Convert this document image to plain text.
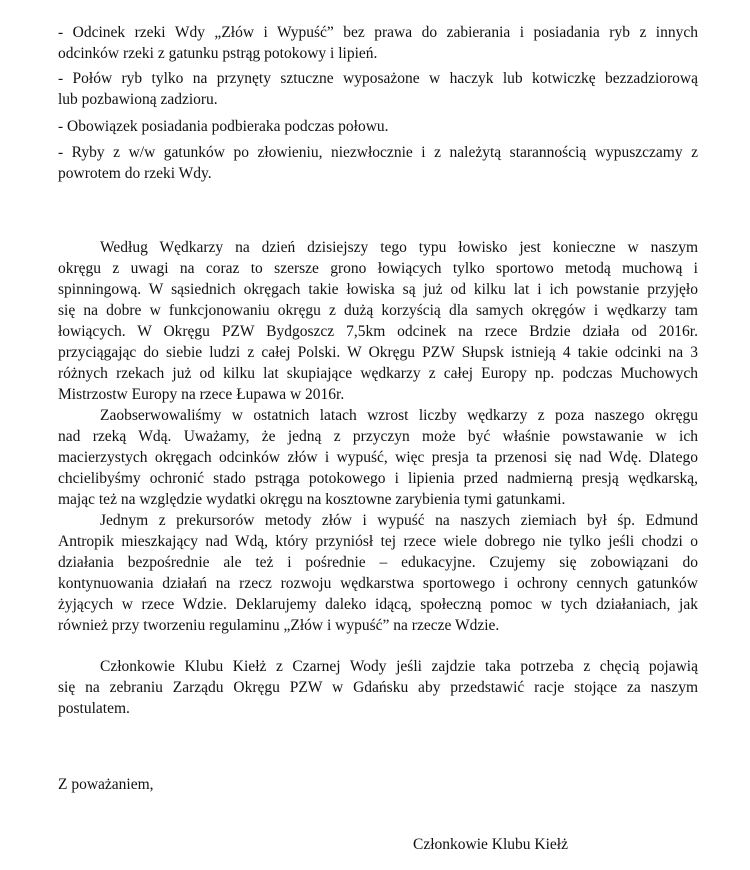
- Odcinek rzeki Wdy „Złów i Wypuść” bez prawa do zabierania i posiadania ryb z innych
odcinków rzeki z gatunku pstrąg potokowy i lipień.
- Połów ryb tylko na przynęty sztuczne wyposażone w haczyk lub kotwiczkę bezzadziorową
lub pozbawioną zadzioru.
- Obowiązek posiadania podbieraka podczas połowu.
- Ryby z w/w gatunków po złowieniu, niezwłocznie i z należytą starannością wypuszczamy z
powrotem do rzeki Wdy.
Według Wędkarzy na dzień dzisiejszy tego typu łowisko jest konieczne w naszym
okręgu z uwagi na coraz to szersze grono łowiących tylko sportowo metodą muchową i
spinningową. W sąsiednich okręgach takie łowiska są już od kilku lat i ich powstanie przyjęło
się na dobre w funkcjonowaniu okręgu z dużą korzyścią dla samych okręgów i wędkarzy tam
łowiących. W Okręgu PZW Bydgoszcz 7,5km odcinek na rzece Brdzie działa od 2016r.
przyciągając do siebie ludzi z całej Polski. W Okręgu PZW Słupsk istnieją 4 takie odcinki na 3
różnych rzekach już od kilku lat skupiające wędkarzy z całej Europy np. podczas Muchowych
Mistrzostw Europy na rzece Łupawa w 2016r.
Zaobserwowaliśmy w ostatnich latach wzrost liczby wędkarzy z poza naszego okręgu
nad rzeką Wdą. Uważamy, że jedną z przyczyn może być właśnie powstawanie w ich
macierzystych okręgach odcinków złów i wypuść, więc presja ta przenosi się nad Wdę. Dlatego
chcielibyśmy ochronić stado pstrąga potokowego i lipienia przed nadmierną presją wędkarską,
mając też na względzie wydatki okręgu na kosztowne zarybienia tymi gatunkami.
Jednym z prekursorów metody złów i wypuść na naszych ziemiach był śp. Edmund
Antropik mieszkający nad Wdą, który przyniósł tej rzece wiele dobrego nie tylko jeśli chodzi o
działania bezpośrednie ale też i pośrednie – edukacyjne. Czujemy się zobowiązani do
kontynuowania działań na rzecz rozwoju wędkarstwa sportowego i ochrony cennych gatunków
żyjących w rzece Wdzie. Deklarujemy daleko idącą, społeczną pomoc w tych działaniach, jak
również przy tworzeniu regulaminu „Złów i wypuść” na rzecze Wdzie.
Członkowie Klubu Kiełż z Czarnej Wody jeśli zajdzie taka potrzeba z chęcią pojawią
się na zebraniu Zarządu Okręgu PZW w Gdańsku aby przedstawić racje stojące za naszym
postulatem.
Z poważaniem,
Członkowie Klubu Kiełż
